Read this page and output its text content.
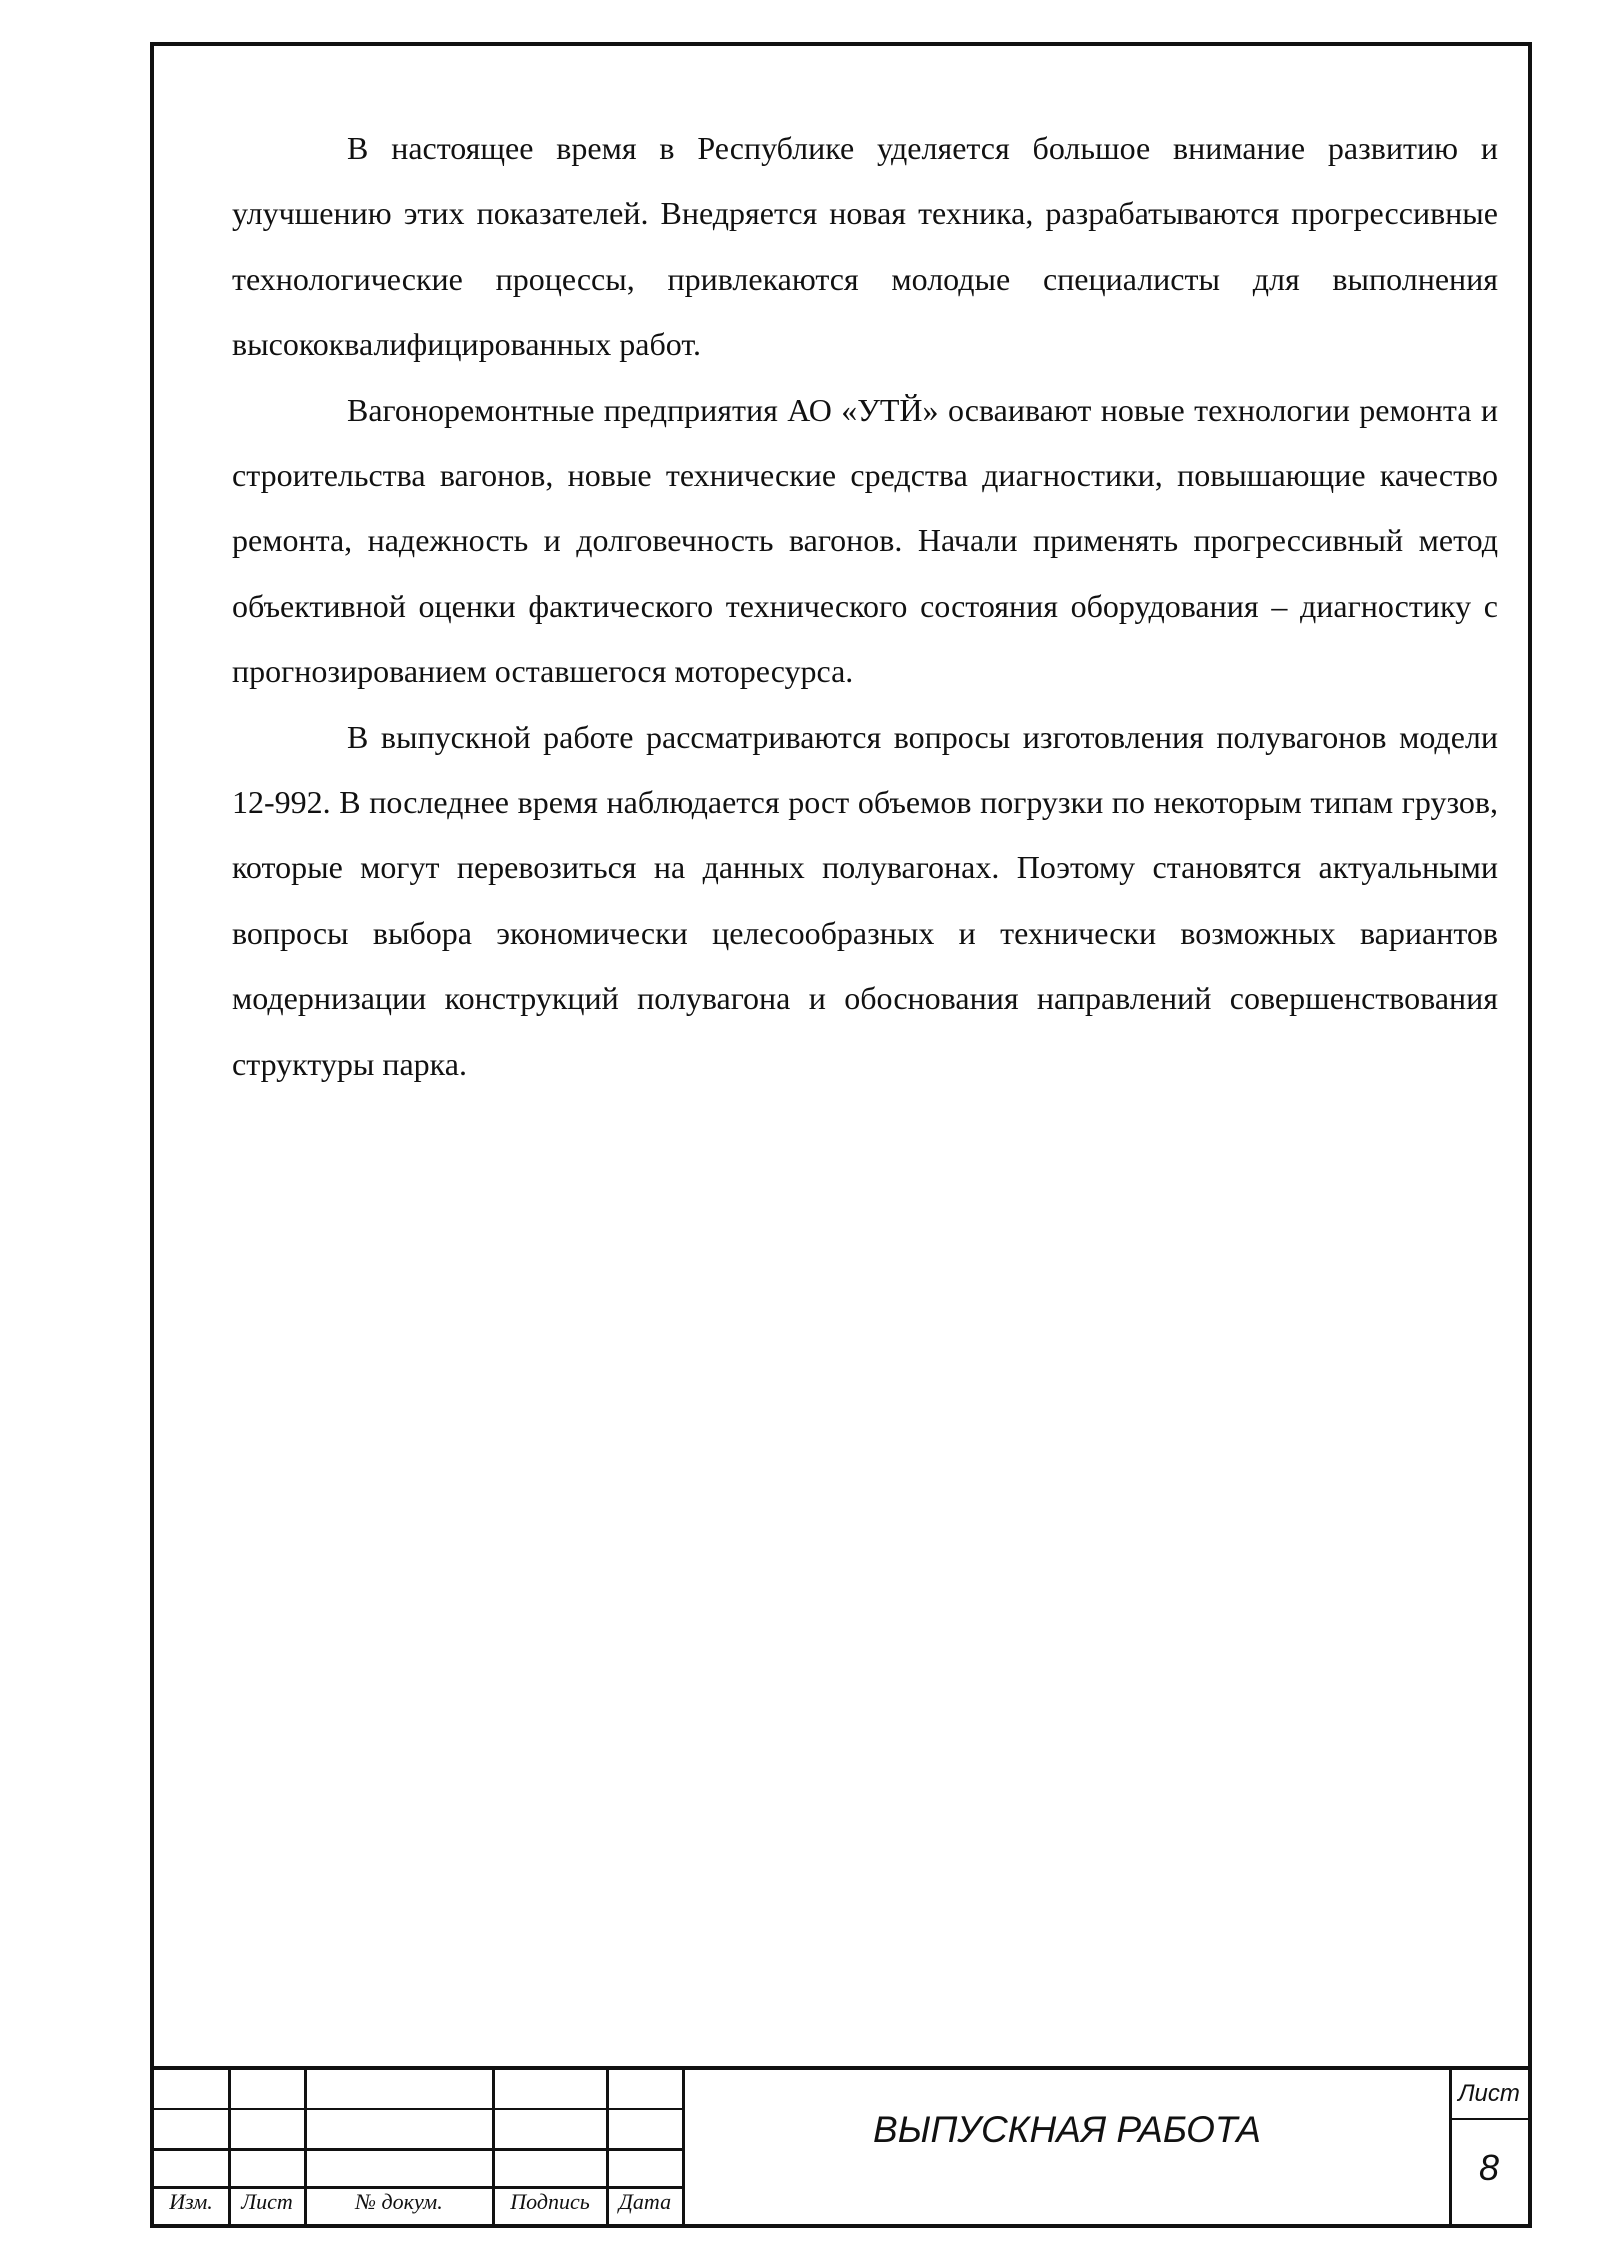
В настоящее время в Республике уделяется большое внимание развитию и улучшению этих показателей. Внедряется новая техника, разрабатываются прогрессивные технологические процессы, привлекаются молодые специалисты для выполнения высококвалифицированных работ.

Вагоноремонтные предприятия АО «УТЙ» осваивают новые технологии ремонта и строительства вагонов, новые технические средства диагностики, повышающие качество ремонта, надежность и долговечность вагонов. Начали применять прогрессивный метод объективной оценки фактического технического состояния оборудования – диагностику с прогнозированием оставшегося моторесурса.

В выпускной работе рассматриваются вопросы изготовления полувагонов модели 12-992. В последнее время наблюдается рост объемов погрузки по некоторым типам грузов, которые могут перевозиться на данных полувагонах. Поэтому становятся актуальными вопросы выбора экономически целесообразных и технически возможных вариантов модернизации конструкций полувагона и обоснования направлений совершенствования структуры парка.

Изм.	Лист	№ докум.	Подпись	Дата
ВЫПУСКНАЯ РАБОТА
Лист
8
